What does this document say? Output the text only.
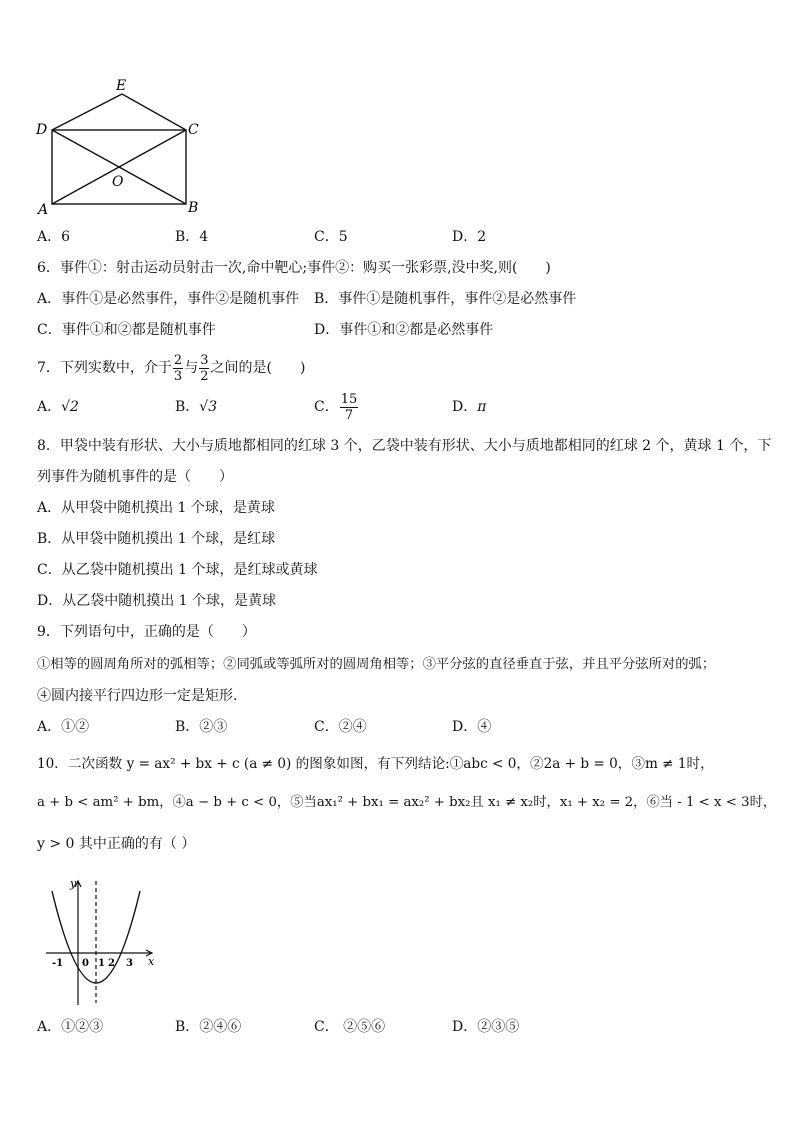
E
D	C
O
A	B
A．6	B．4	C．5	D．2
6．事件①：射击运动员射击一次,命中靶心;事件②：购买一张彩票,没中奖,则(　　)
A．事件①是必然事件，事件②是随机事件 B．事件①是随机事件，事件②是必然事件
C．事件①和②都是随机事件	D．事件①和②都是必然事件
7．下列实数中，介于 $\frac{2}{3}$ 与 $\frac{3}{2}$ 之间的是(　　)
A．√2	B．√3	C． $\frac{15}{7}$	D．π
8．甲袋中装有形状、大小与质地都相同的红球 3 个，乙袋中装有形状、大小与质地都相同的红球 2 个，黄球 1 个，下
列事件为随机事件的是（　　）
A．从甲袋中随机摸出 1 个球，是黄球
B．从甲袋中随机摸出 1 个球，是红球
C．从乙袋中随机摸出 1 个球，是红球或黄球
D．从乙袋中随机摸出 1 个球，是黄球
9．下列语句中，正确的是（　　）
①相等的圆周角所对的弧相等；②同弧或等弧所对的圆周角相等；③平分弦的直径垂直于弦，并且平分弦所对的弧；
④圆内接平行四边形一定是矩形．
A．①②	B．②③	C．②④	D．④
10．二次函数 y = ax² + bx + c (a ≠ 0) 的图象如图，有下列结论:①abc < 0，②2a + b = 0，③m ≠ 1时，
a + b < am² + bm，④a − b + c < 0，⑤当ax₁² + bx₁ = ax₂² + bx₂且 x₁ ≠ x₂时，x₁ + x₂ = 2，⑥当 - 1 < x < 3时，
y > 0 其中正确的有（ ）
y
x
-1 0 1 2 3
A．①②③	B．②④⑥	C． ②⑤⑥	D．②③⑤
